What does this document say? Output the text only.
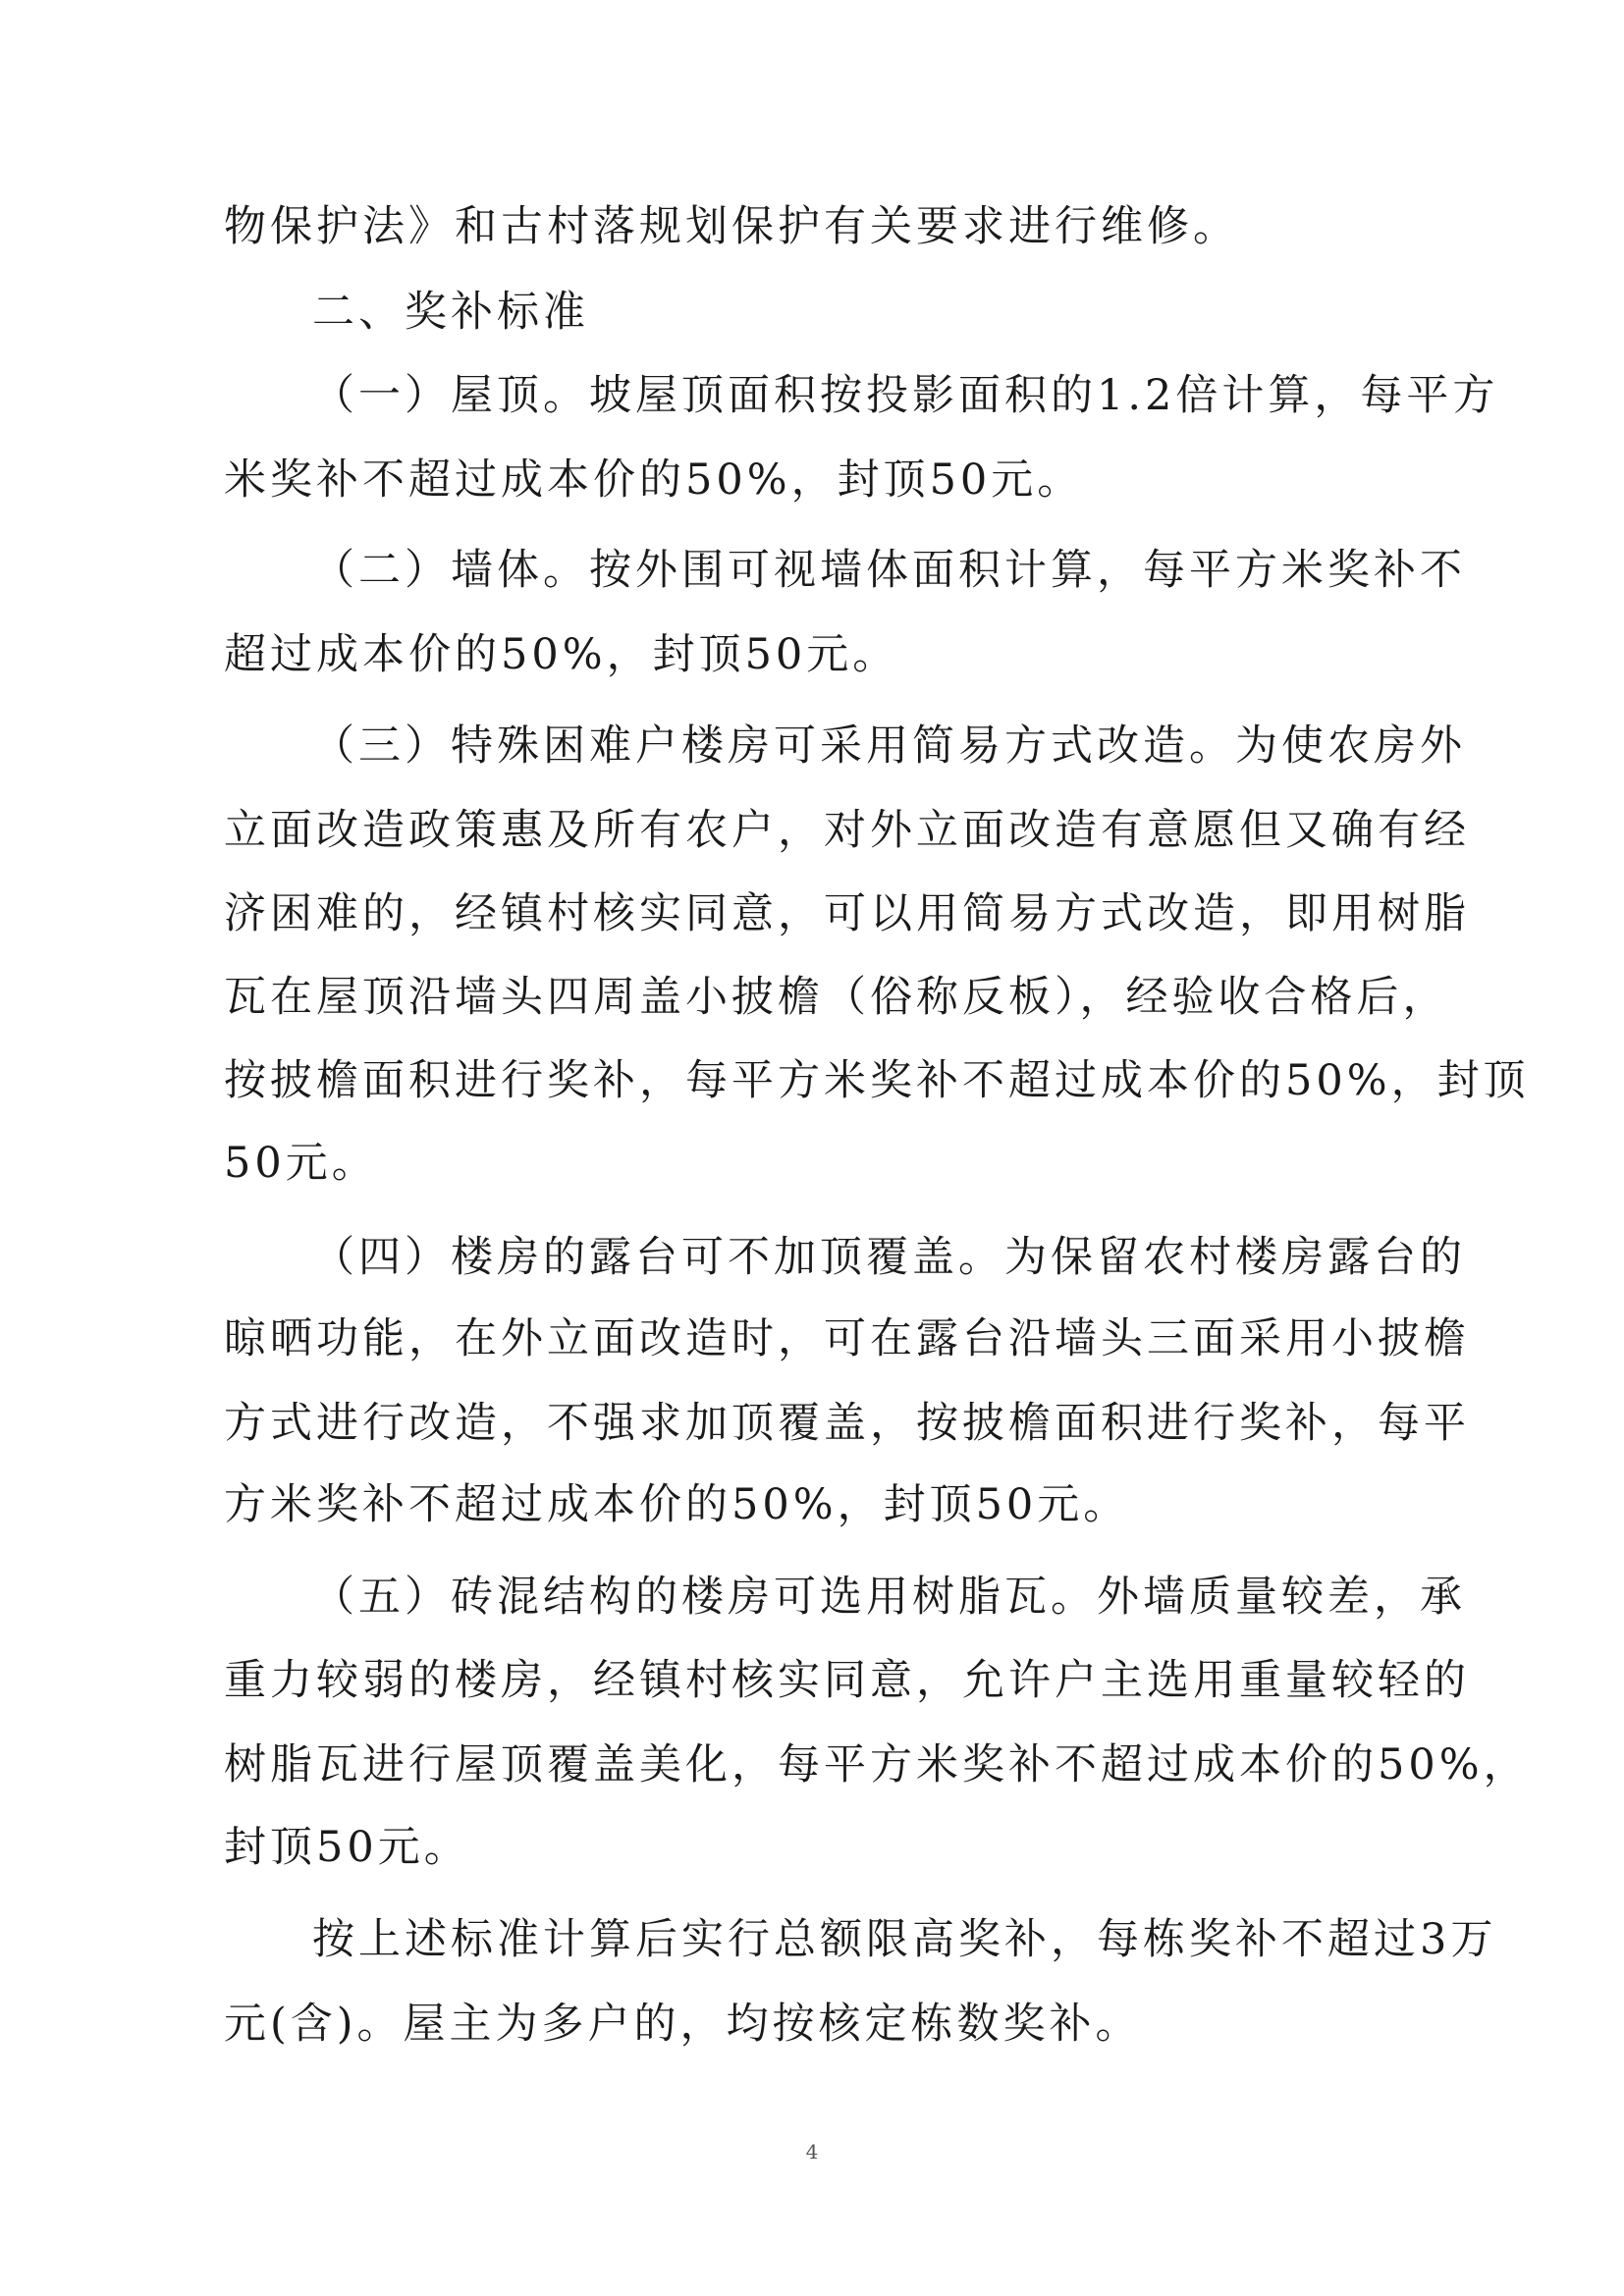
物保护法》和古村落规划保护有关要求进行维修。
二、奖补标准
（一）屋顶。坡屋顶面积按投影面积的1.2倍计算，每平方
米奖补不超过成本价的50%，封顶50元。
（二）墙体。按外围可视墙体面积计算，每平方米奖补不
超过成本价的50%，封顶50元。
（三）特殊困难户楼房可采用简易方式改造。为使农房外
立面改造政策惠及所有农户，对外立面改造有意愿但又确有经
济困难的，经镇村核实同意，可以用简易方式改造，即用树脂
瓦在屋顶沿墙头四周盖小披檐（俗称反板），经验收合格后，
按披檐面积进行奖补，每平方米奖补不超过成本价的50%，封顶
50元。
（四）楼房的露台可不加顶覆盖。为保留农村楼房露台的
晾晒功能，在外立面改造时，可在露台沿墙头三面采用小披檐
方式进行改造，不强求加顶覆盖，按披檐面积进行奖补，每平
方米奖补不超过成本价的50%，封顶50元。
（五）砖混结构的楼房可选用树脂瓦。外墙质量较差，承
重力较弱的楼房，经镇村核实同意，允许户主选用重量较轻的
树脂瓦进行屋顶覆盖美化，每平方米奖补不超过成本价的50%，
封顶50元。
按上述标准计算后实行总额限高奖补，每栋奖补不超过3万
元(含)。屋主为多户的，均按核定栋数奖补。
4
